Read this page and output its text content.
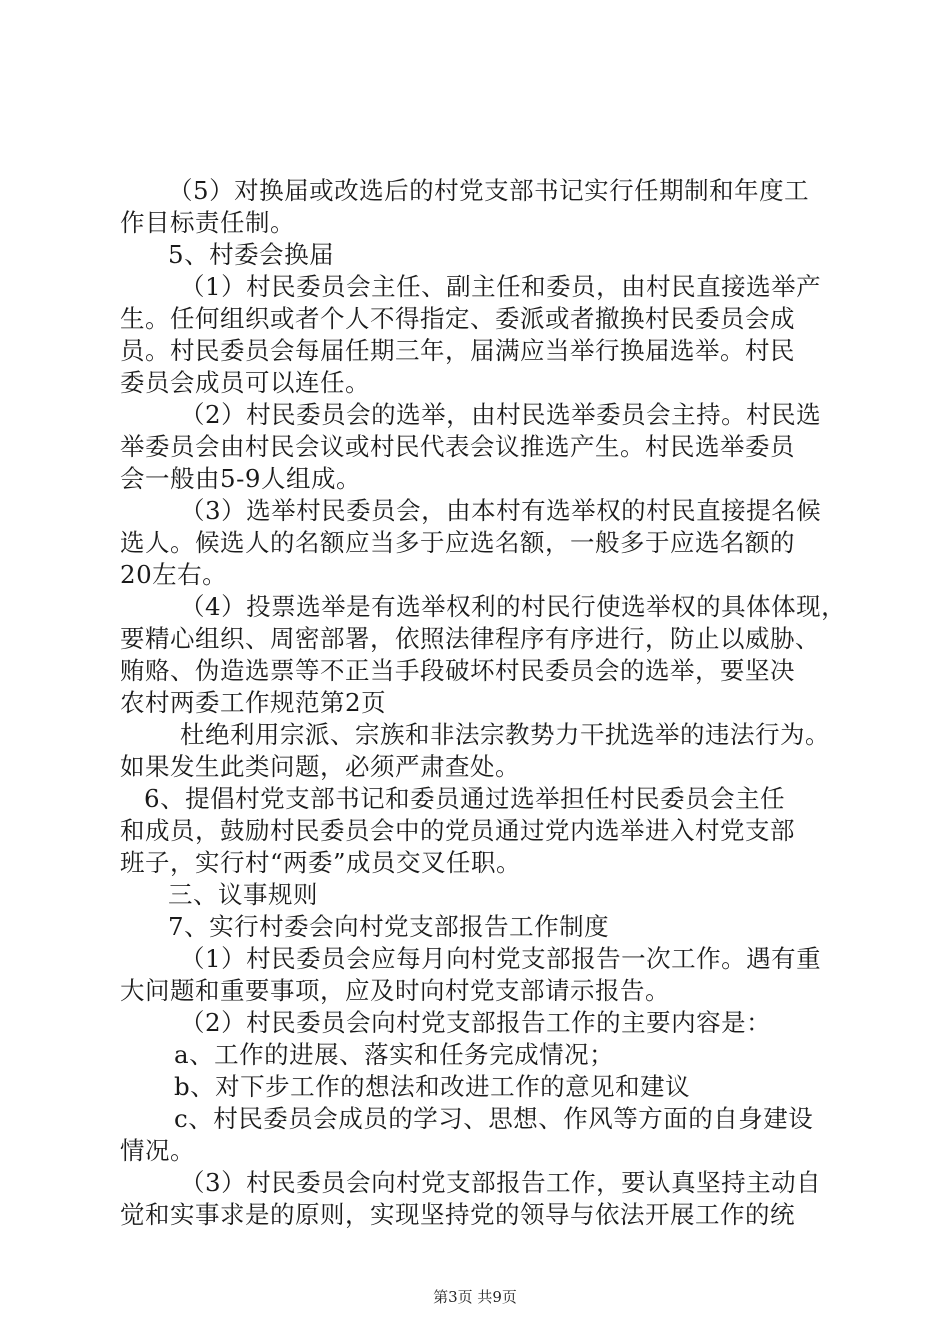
（5）对换届或改选后的村党支部书记实行任期制和年度工
作目标责任制。
5、村委会换届
（1）村民委员会主任、副主任和委员，由村民直接选举产
生。任何组织或者个人不得指定、委派或者撤换村民委员会成
员。村民委员会每届任期三年，届满应当举行换届选举。村民
委员会成员可以连任。
（2）村民委员会的选举，由村民选举委员会主持。村民选
举委员会由村民会议或村民代表会议推选产生。村民选举委员
会一般由5-9人组成。
（3）选举村民委员会，由本村有选举权的村民直接提名候
选人。候选人的名额应当多于应选名额，一般多于应选名额的
20左右。
（4）投票选举是有选举权利的村民行使选举权的具体体现，
要精心组织、周密部署，依照法律程序有序进行，防止以威胁、
贿赂、伪造选票等不正当手段破坏村民委员会的选举，要坚决
农村两委工作规范第2页
杜绝利用宗派、宗族和非法宗教势力干扰选举的违法行为。
如果发生此类问题，必须严肃查处。
6、提倡村党支部书记和委员通过选举担任村民委员会主任
和成员，鼓励村民委员会中的党员通过党内选举进入村党支部
班子，实行村“两委”成员交叉任职。
三、议事规则
7、实行村委会向村党支部报告工作制度
（1）村民委员会应每月向村党支部报告一次工作。遇有重
大问题和重要事项，应及时向村党支部请示报告。
（2）村民委员会向村党支部报告工作的主要内容是：
a、工作的进展、落实和任务完成情况；
b、对下步工作的想法和改进工作的意见和建议
c、村民委员会成员的学习、思想、作风等方面的自身建设
情况。
（3）村民委员会向村党支部报告工作，要认真坚持主动自
觉和实事求是的原则，实现坚持党的领导与依法开展工作的统
第3页 共9页
